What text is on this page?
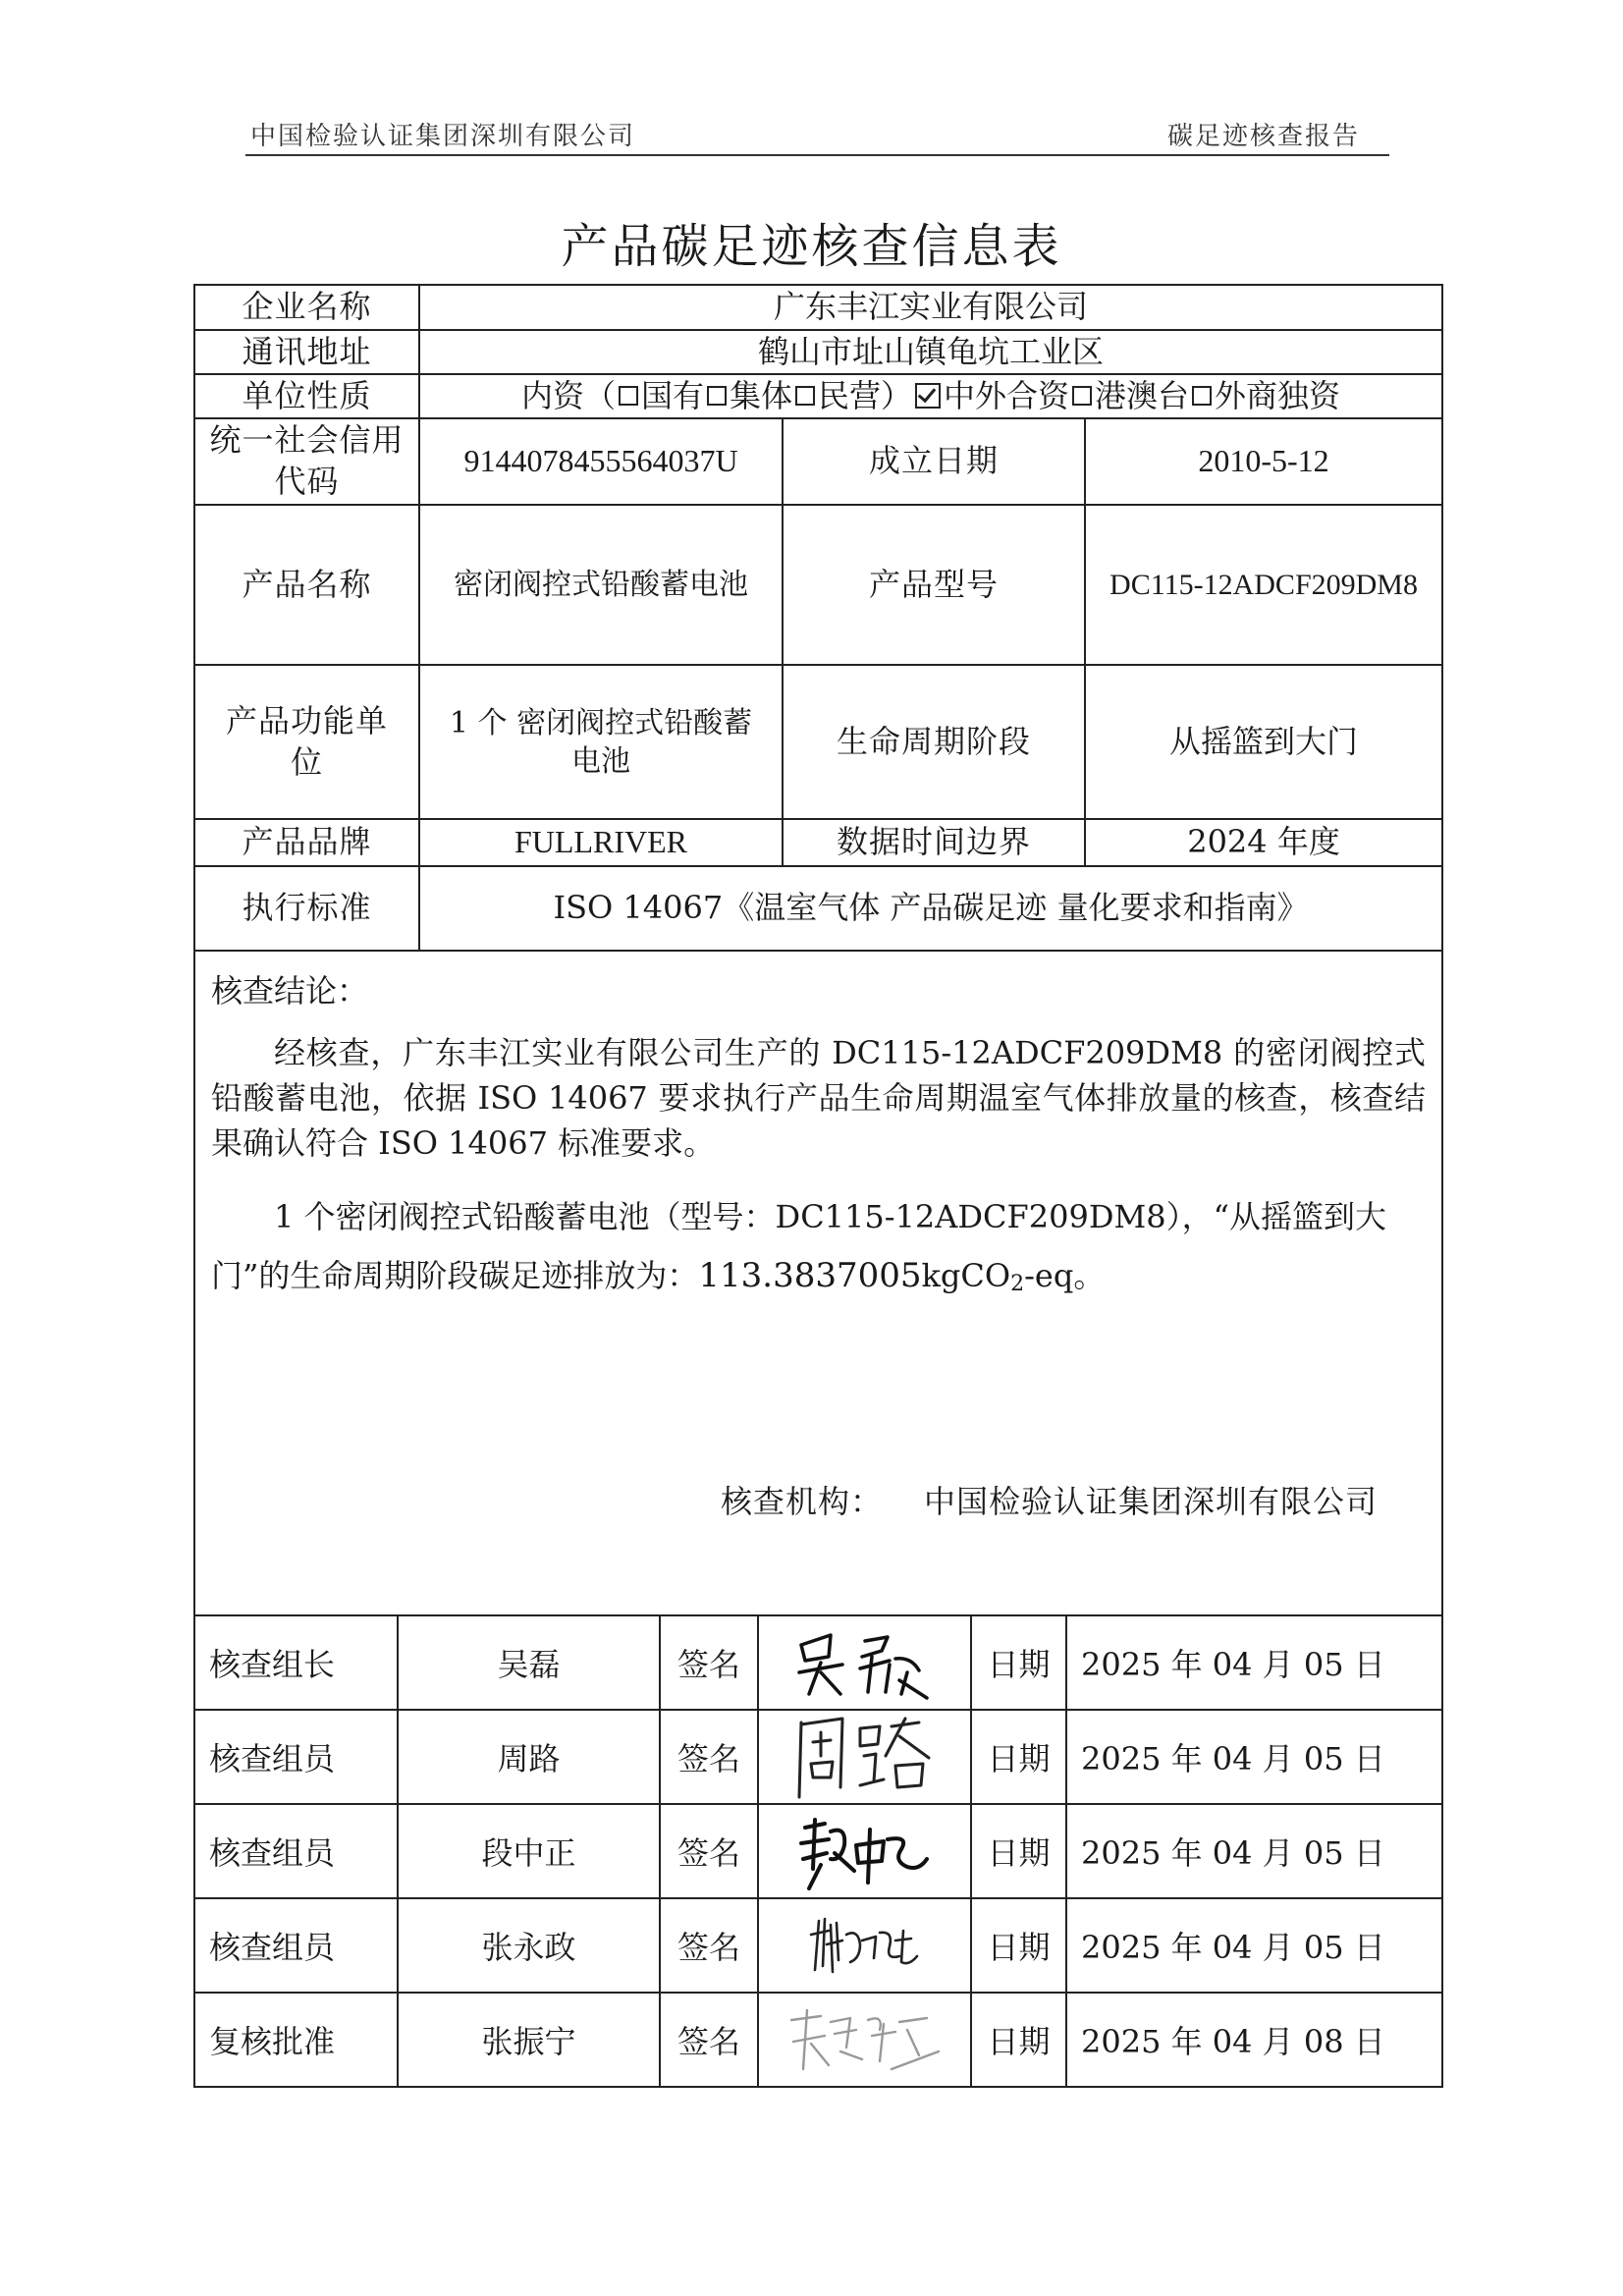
中国检验认证集团深圳有限公司	碳足迹核查报告
产品碳足迹核查信息表
企业名称	广东丰江实业有限公司		
通讯地址	鹤山市址山镇龟坑工业区		
单位性质	内资（ 国有 集体 民营） 中外合资 港澳台 外商独资		
统一社会信用代码	9144078455564037U	成立日期	2010-5-12
产品名称	密闭阀控式铅酸蓄电池	产品型号	DC115-12ADCF209DM8
产品功能单位	1 个 密闭阀控式铅酸蓄电池	生命周期阶段	从摇篮到大门
产品品牌	FULLRIVER	数据时间边界	2024 年度
执行标准	ISO 14067《温室气体 产品碳足迹 量化要求和指南》		

核查结论：
经核查，广东丰江实业有限公司生产的 DC115-12ADCF209DM8 的密闭阀控式铅酸蓄电池，依据 ISO 14067 要求执行产品生命周期温室气体排放量的核查，核查结果确认符合 ISO 14067 标准要求。
1 个密闭阀控式铅酸蓄电池（型号：DC115-12ADCF209DM8），“从摇篮到大门”的生命周期阶段碳足迹排放为：113.3837005kgCO2-eq。
核查机构： 中国检验认证集团深圳有限公司			
核查组长	吴磊	签名		日期	2025 年 04 月 05 日
核查组员	周路	签名		日期	2025 年 04 月 05 日
核查组员	段中正	签名		日期	2025 年 04 月 05 日
核查组员	张永政	签名		日期	2025 年 04 月 05 日
复核批准	张振宁	签名		日期	2025 年 04 月 08 日
